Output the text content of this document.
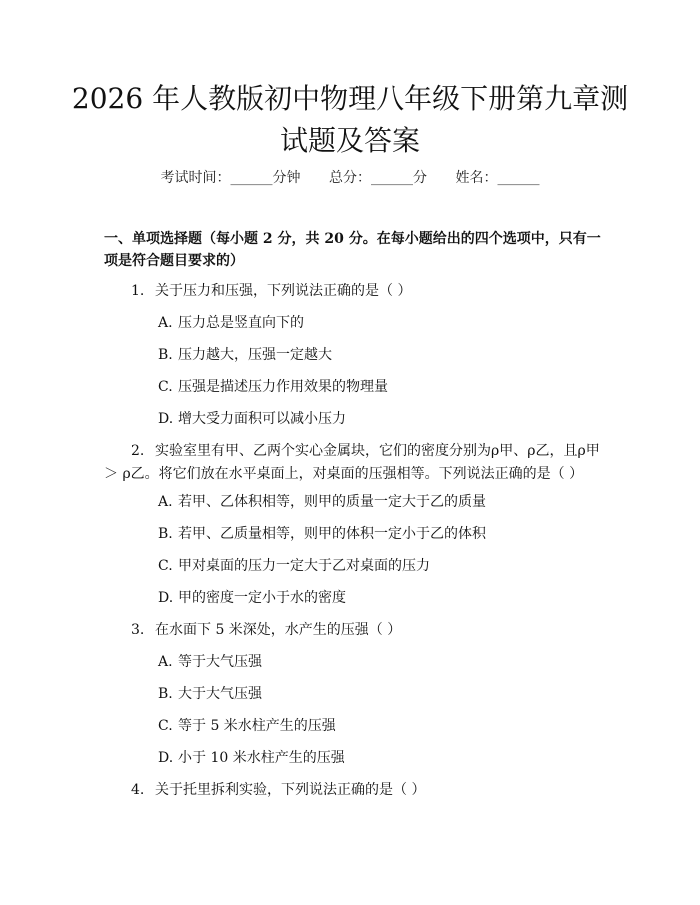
2026 年人教版初中物理八年级下册第九章测试题及答案
考试时间：______分钟 总分：______分 姓名：______
一、单项选择题（每小题 2 分，共 20 分。在每小题给出的四个选项中，只有一项是符合题目要求的）
1. 关于压力和压强，下列说法正确的是（ ）
A. 压力总是竖直向下的
B. 压力越大，压强一定越大
C. 压强是描述压力作用效果的物理量
D. 增大受力面积可以减小压力
2. 实验室里有甲、乙两个实心金属块，它们的密度分别为ρ甲、ρ乙，且ρ甲 ＞ ρ乙。将它们放在水平桌面上，对桌面的压强相等。下列说法正确的是（ ）
A. 若甲、乙体积相等，则甲的质量一定大于乙的质量
B. 若甲、乙质量相等，则甲的体积一定小于乙的体积
C. 甲对桌面的压力一定大于乙对桌面的压力
D. 甲的密度一定小于水的密度
3. 在水面下 5 米深处，水产生的压强（ ）
A. 等于大气压强
B. 大于大气压强
C. 等于 5 米水柱产生的压强
D. 小于 10 米水柱产生的压强
4. 关于托里拆利实验，下列说法正确的是（ ）
